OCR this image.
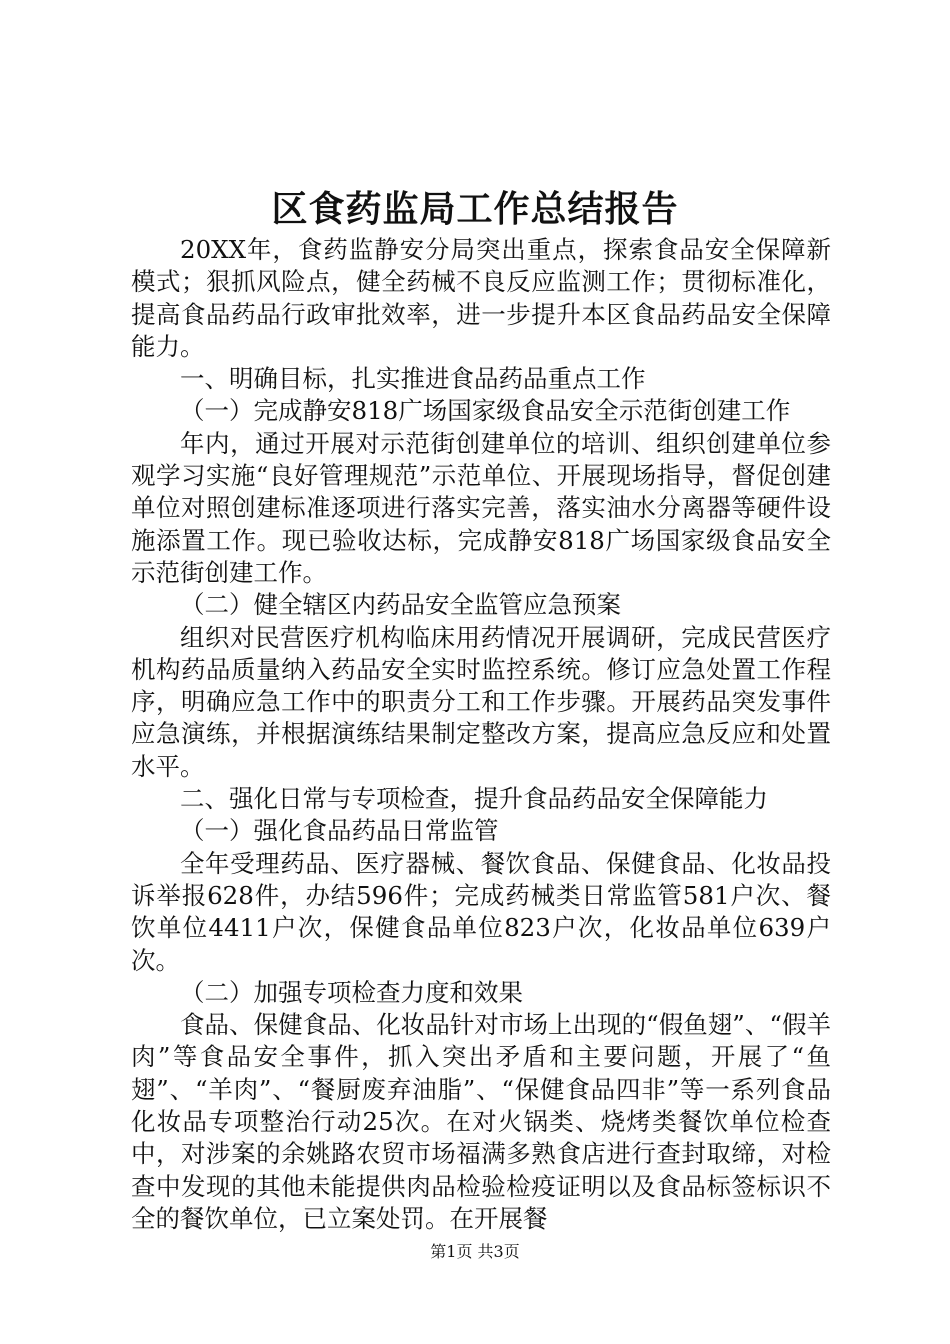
区食药监局工作总结报告

20XX年，食药监静安分局突出重点，探索食品安全保障新模式；狠抓风险点，健全药械不良反应监测工作；贯彻标准化，提高食品药品行政审批效率，进一步提升本区食品药品安全保障能力。

一、明确目标，扎实推进食品药品重点工作

（一）完成静安818广场国家级食品安全示范街创建工作

年内，通过开展对示范街创建单位的培训、组织创建单位参观学习实施“良好管理规范”示范单位、开展现场指导，督促创建单位对照创建标准逐项进行落实完善，落实油水分离器等硬件设施添置工作。现已验收达标，完成静安818广场国家级食品安全示范街创建工作。

（二）健全辖区内药品安全监管应急预案

组织对民营医疗机构临床用药情况开展调研，完成民营医疗机构药品质量纳入药品安全实时监控系统。修订应急处置工作程序，明确应急工作中的职责分工和工作步骤。开展药品突发事件应急演练，并根据演练结果制定整改方案，提高应急反应和处置水平。

二、强化日常与专项检查，提升食品药品安全保障能力

（一）强化食品药品日常监管

全年受理药品、医疗器械、餐饮食品、保健食品、化妆品投诉举报628件，办结596件；完成药械类日常监管581户次、餐饮单位4411户次，保健食品单位823户次，化妆品单位639户次。

（二）加强专项检查力度和效果

食品、保健食品、化妆品针对市场上出现的“假鱼翅”、“假羊肉”等食品安全事件，抓入突出矛盾和主要问题，开展了“鱼翅”、“羊肉”、“餐厨废弃油脂”、“保健食品四非”等一系列食品化妆品专项整治行动25次。在对火锅类、烧烤类餐饮单位检查中，对涉案的余姚路农贸市场福满多熟食店进行查封取缔，对检查中发现的其他未能提供肉品检验检疫证明以及食品标签标识不全的餐饮单位，已立案处罚。在开展餐

第1页 共3页
